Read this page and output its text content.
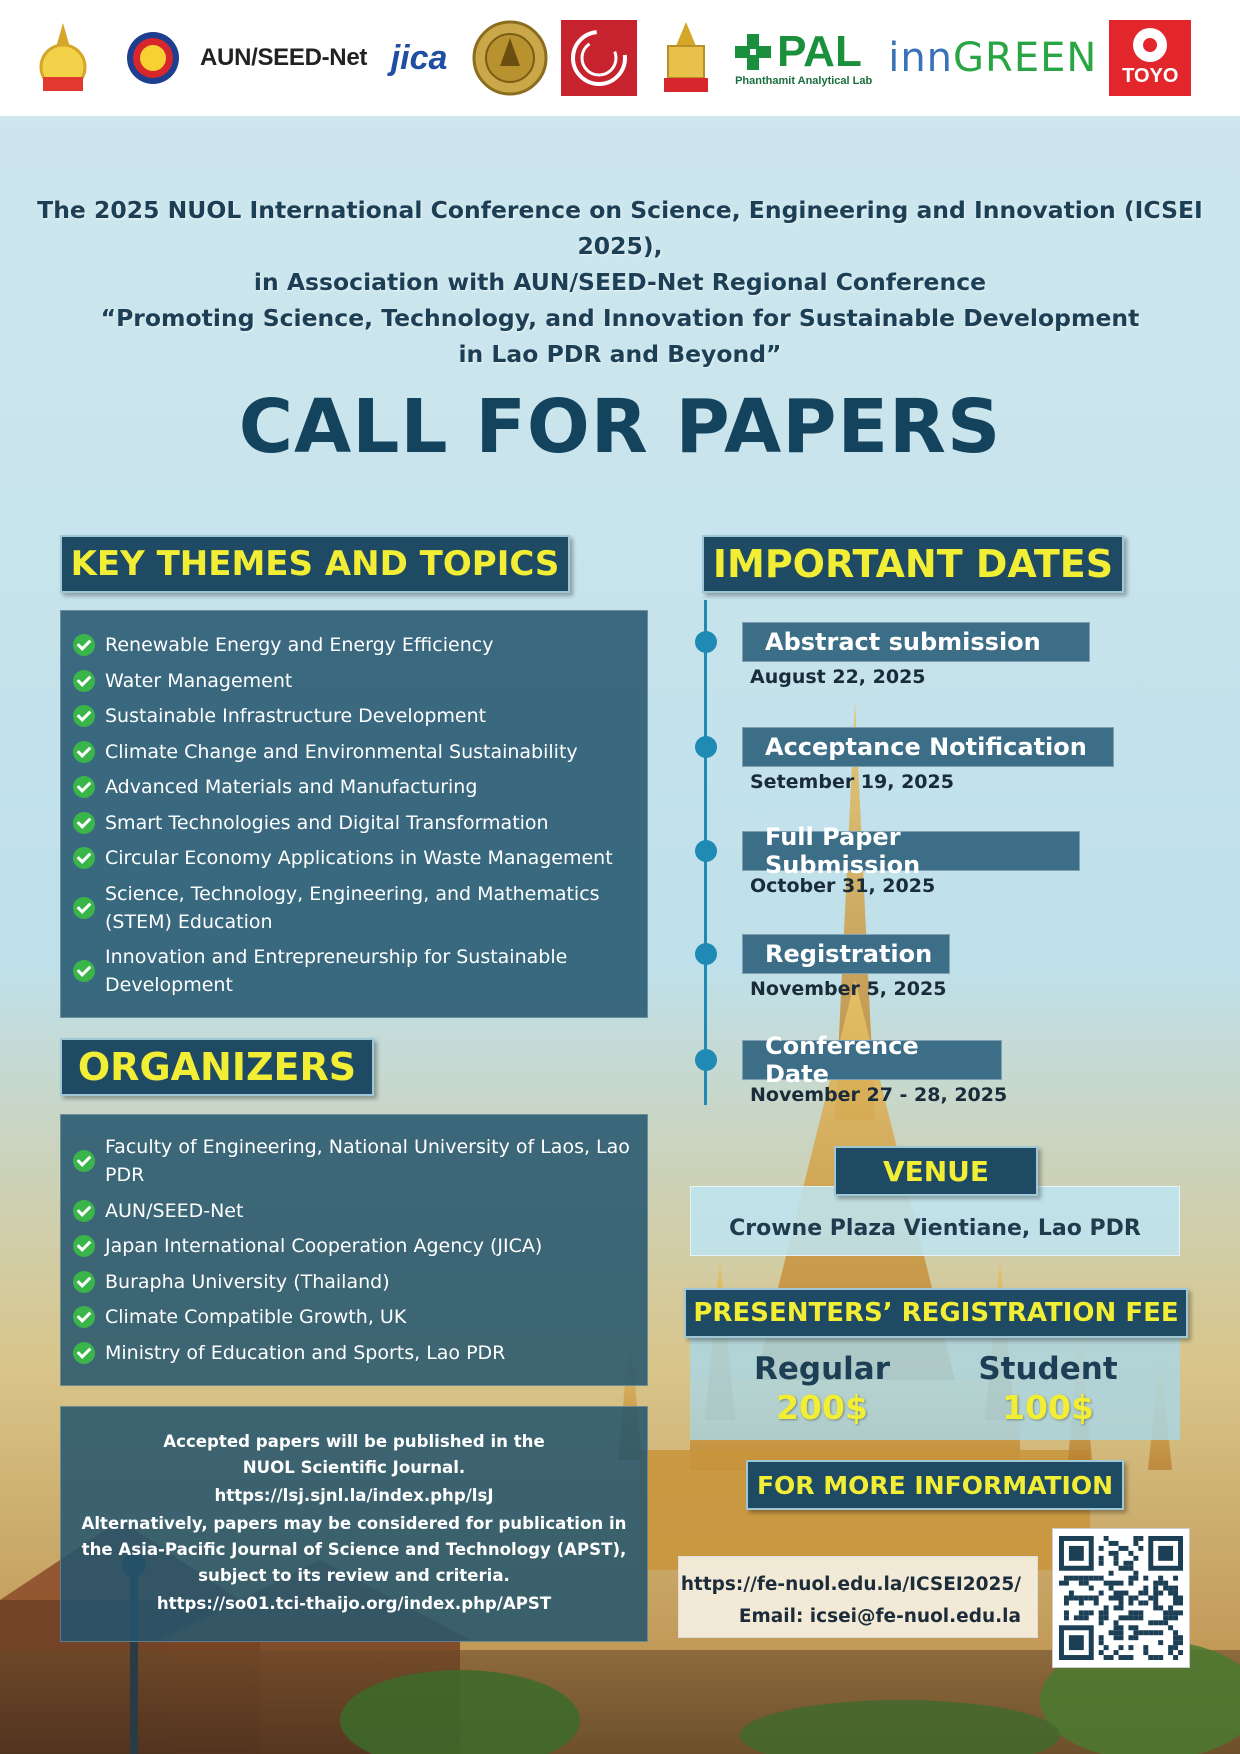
AUN/SEED-Net jica	PAL
Phanthamit Analytical Lab innGREEN TOYO
The 2025 NUOL International Conference on Science, Engineering and Innovation (ICSEI 2025),
in Association with AUN/SEED-Net Regional Conference
“Promoting Science, Technology, and Innovation for Sustainable Development
in Lao PDR and Beyond”
CALL FOR PAPERS
KEY THEMES AND TOPICS
Renewable Energy and Energy Efficiency
Water Management
Sustainable Infrastructure Development
Climate Change and Environmental Sustainability
Advanced Materials and Manufacturing
Smart Technologies and Digital Transformation
Circular Economy Applications in Waste Management
Science, Technology, Engineering, and Mathematics (STEM) Education
Innovation and Entrepreneurship for Sustainable Development
ORGANIZERS
Faculty of Engineering, National University of Laos, Lao PDR
AUN/SEED-Net
Japan International Cooperation Agency (JICA)
Burapha University (Thailand)
Climate Compatible Growth, UK
Ministry of Education and Sports, Lao PDR

Accepted papers will be published in the

NUOL Scientific Journal.

https://lsj.sjnl.la/index.php/lsJ

Alternatively, papers may be considered for publication in

the Asia-Pacific Journal of Science and Technology (APST),

subject to its review and criteria.

https://so01.tci-thaijo.org/index.php/APST

IMPORTANT DATES
Abstract submission
August 22, 2025
Acceptance Notification
Setember 19, 2025
Full Paper Submission
October 31, 2025
Registration
November 5, 2025
Conference Date
November 27 - 28, 2025
VENUE
Crowne Plaza Vientiane, Lao PDR
PRESENTERS’ REGISTRATION FEE
Regular
200$
Student
100$
FOR MORE INFORMATION
https://fe-nuol.edu.la/ICSEI2025/
Email: icsei@fe-nuol.edu.la
